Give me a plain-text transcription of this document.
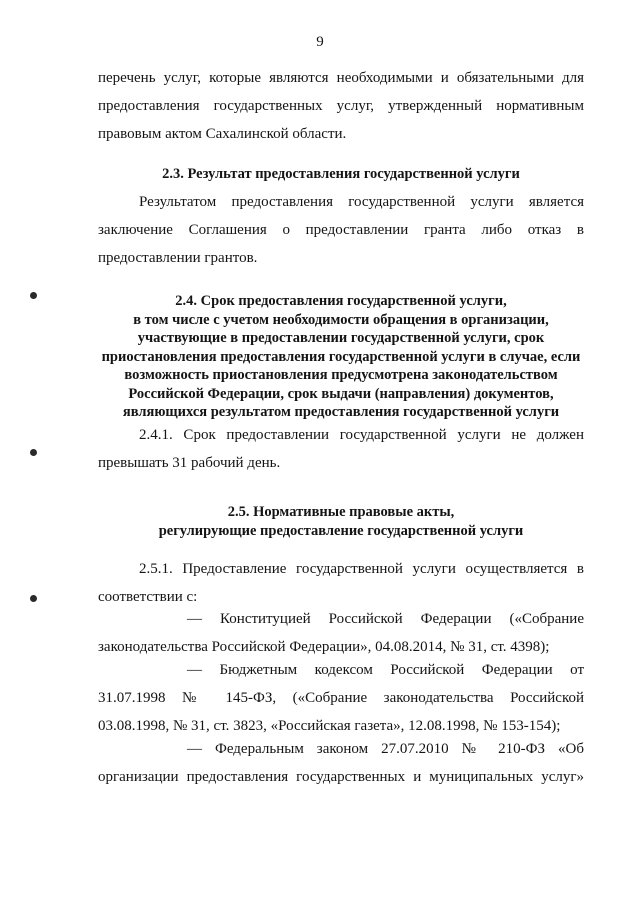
9
перечень услуг, которые являются необходимыми и обязательными для
предоставления государственных услуг, утвержденный нормативным
правовым актом Сахалинской области.
2.3. Результат предоставления государственной услуги
Результатом предоставления государственной услуги является
заключение Соглашения о предоставлении гранта либо отказ в
предоставлении грантов.
2.4. Срок предоставления государственной услуги,
в том числе с учетом необходимости обращения в организации,
участвующие в предоставлении государственной услуги, срок
приостановления предоставления государственной услуги в случае, если
возможность приостановления предусмотрена законодательством
Российской Федерации, срок выдачи (направления) документов,
являющихся результатом предоставления государственной услуги
2.4.1. Срок предоставлении государственной услуги не должен
превышать 31 рабочий день.
2.5. Нормативные правовые акты,
регулирующие предоставление государственной услуги
2.5.1. Предоставление государственной услуги осуществляется в
соответствии с:
— Конституцией Российской Федерации («Собрание
законодательства Российской Федерации», 04.08.2014, № 31, ст. 4398);
— Бюджетным кодексом Российской Федерации от
31.07.1998 № 145-ФЗ, («Собрание законодательства Российской
03.08.1998, № 31, ст. 3823, «Российская газета», 12.08.1998, № 153-154);
— Федеральным законом 27.07.2010 № 210-ФЗ «Об
организации предоставления государственных и муниципальных услуг»
